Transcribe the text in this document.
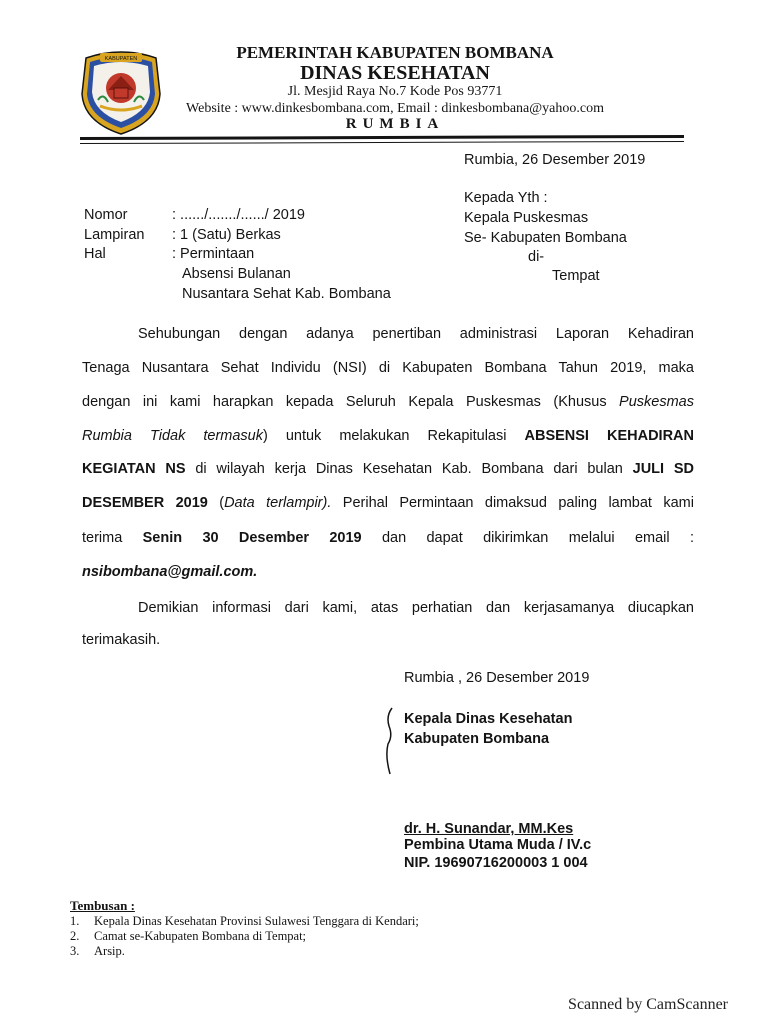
KABUPATEN	PEMERINTAH KABUPATEN BOMBANA
DINAS KESEHATAN
Jl. Mesjid Raya No.7 Kode Pos 93771
Website : www.dinkesbombana.com, Email : dinkesbombana@yahoo.com
RUMBIA
Rumbia, 26 Desember 2019
Kepada Yth :
Kepala Puskesmas
Se- Kabupaten Bombana
di-
Tempat
Nomor	: ....../......./....../ 2019
Lampiran : 1 (Satu) Berkas
Hal	: Permintaan
Absensi Bulanan
Nusantara Sehat Kab. Bombana
Sehubungan dengan adanya penertiban administrasi Laporan Kehadiran
Tenaga Nusantara Sehat Individu (NSI) di Kabupaten Bombana Tahun 2019, maka
dengan ini kami harapkan kepada Seluruh Kepala Puskesmas (Khusus Puskesmas
Rumbia Tidak termasuk) untuk melakukan Rekapitulasi ABSENSI KEHADIRAN
KEGIATAN NS di wilayah kerja Dinas Kesehatan Kab. Bombana dari bulan JULI SD
DESEMBER 2019 (Data terlampir). Perihal Permintaan dimaksud paling lambat kami
terima Senin 30 Desember 2019 dan dapat dikirimkan melalui email :
nsibombana@gmail.com.
Demikian informasi dari kami, atas perhatian dan kerjasamanya diucapkan
terimakasih.
Rumbia , 26 Desember 2019
Kepala Dinas Kesehatan
Kabupaten Bombana
dr. H. Sunandar, MM.Kes
Pembina Utama Muda / IV.c
NIP. 19690716200003 1 004
Tembusan :
1. Kepala Dinas Kesehatan Provinsi Sulawesi Tenggara di Kendari;
2. Camat se-Kabupaten Bombana di Tempat;
3. Arsip.
Scanned by CamScanner
